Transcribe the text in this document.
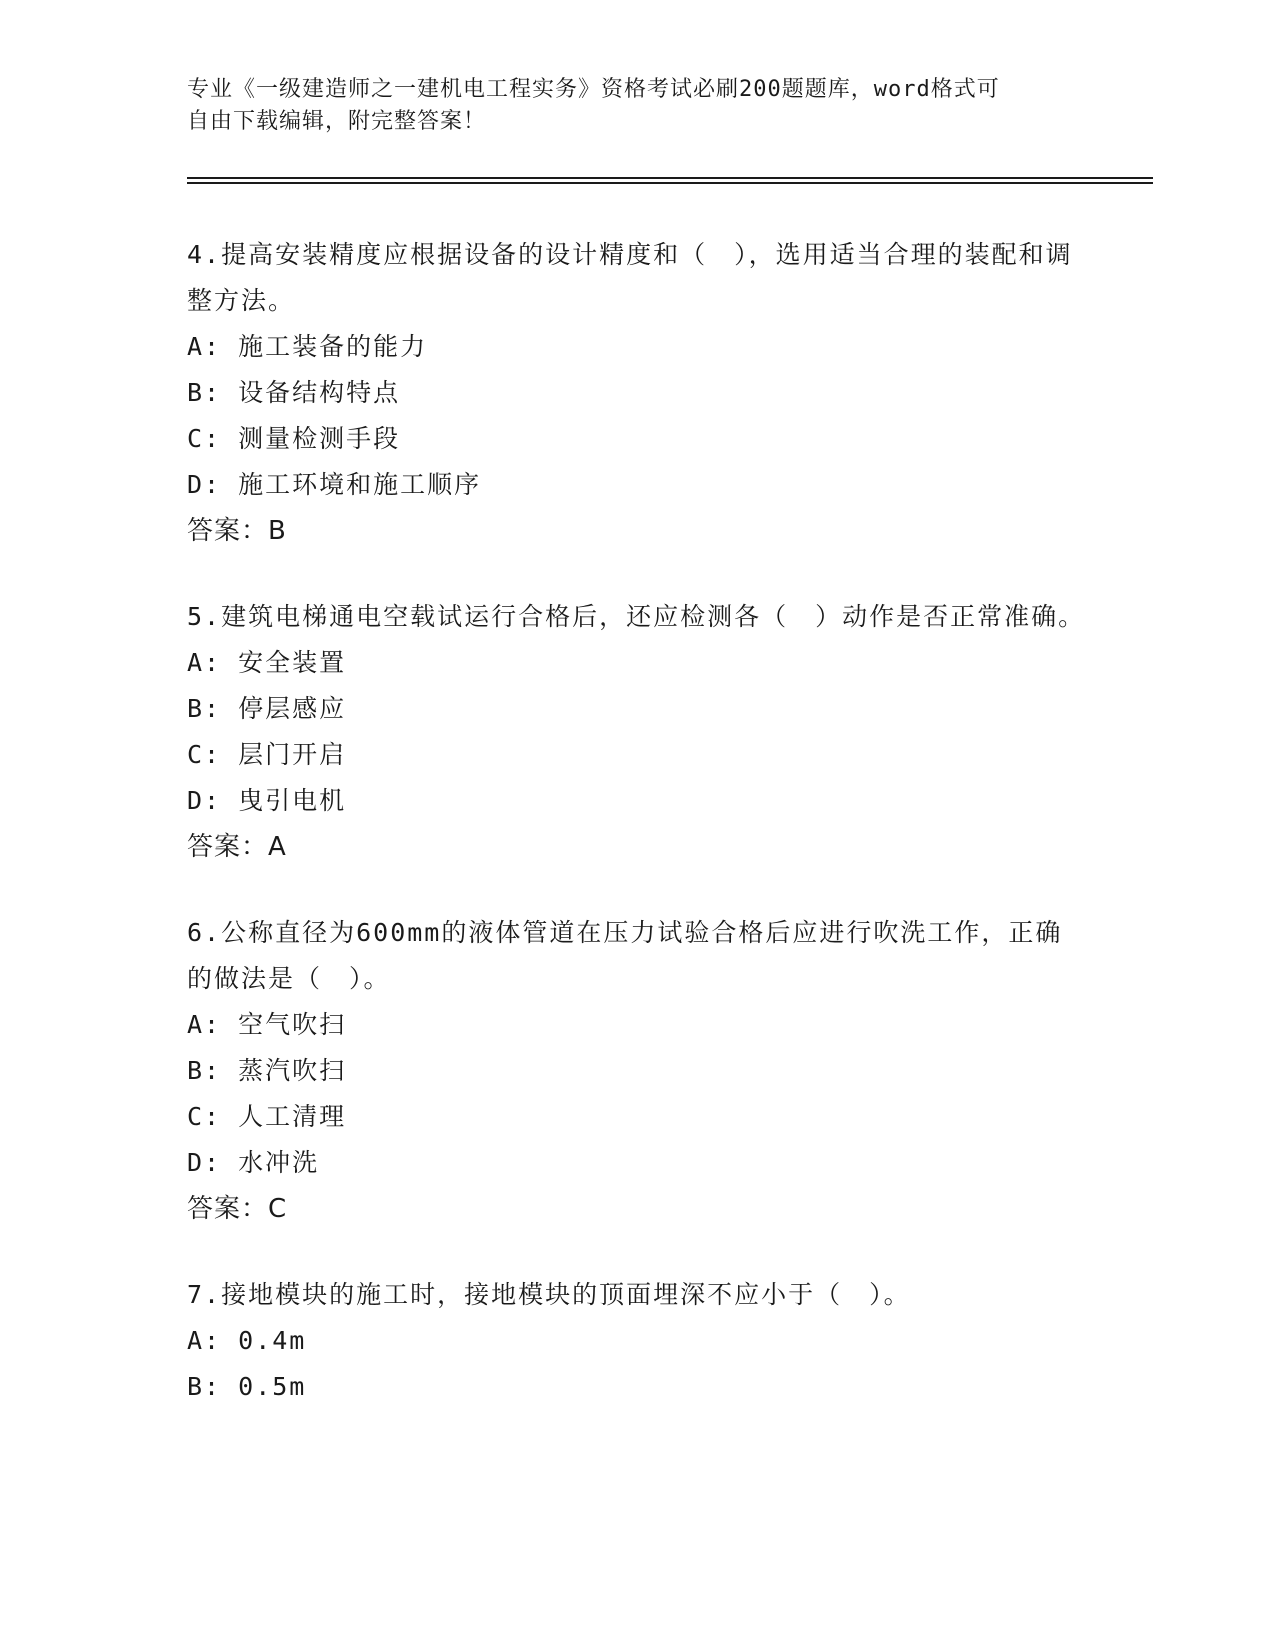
专业《一级建造师之一建机电工程实务》资格考试必刷200题题库，word格式可
自由下载编辑，附完整答案！

4.提高安装精度应根据设备的设计精度和（　），选用适当合理的装配和调整方法。

A: 施工装备的能力

B: 设备结构特点

C: 测量检测手段

D: 施工环境和施工顺序

答案：B

5.建筑电梯通电空载试运行合格后，还应检测各（　）动作是否正常准确。

A: 安全装置

B: 停层感应

C: 层门开启

D: 曳引电机

答案：A

6.公称直径为600mm的液体管道在压力试验合格后应进行吹洗工作，正确的做法是（　）。

A: 空气吹扫

B: 蒸汽吹扫

C: 人工清理

D: 水冲洗

答案：C

7.接地模块的施工时，接地模块的顶面埋深不应小于（　）。

A: 0.4m

B: 0.5m
